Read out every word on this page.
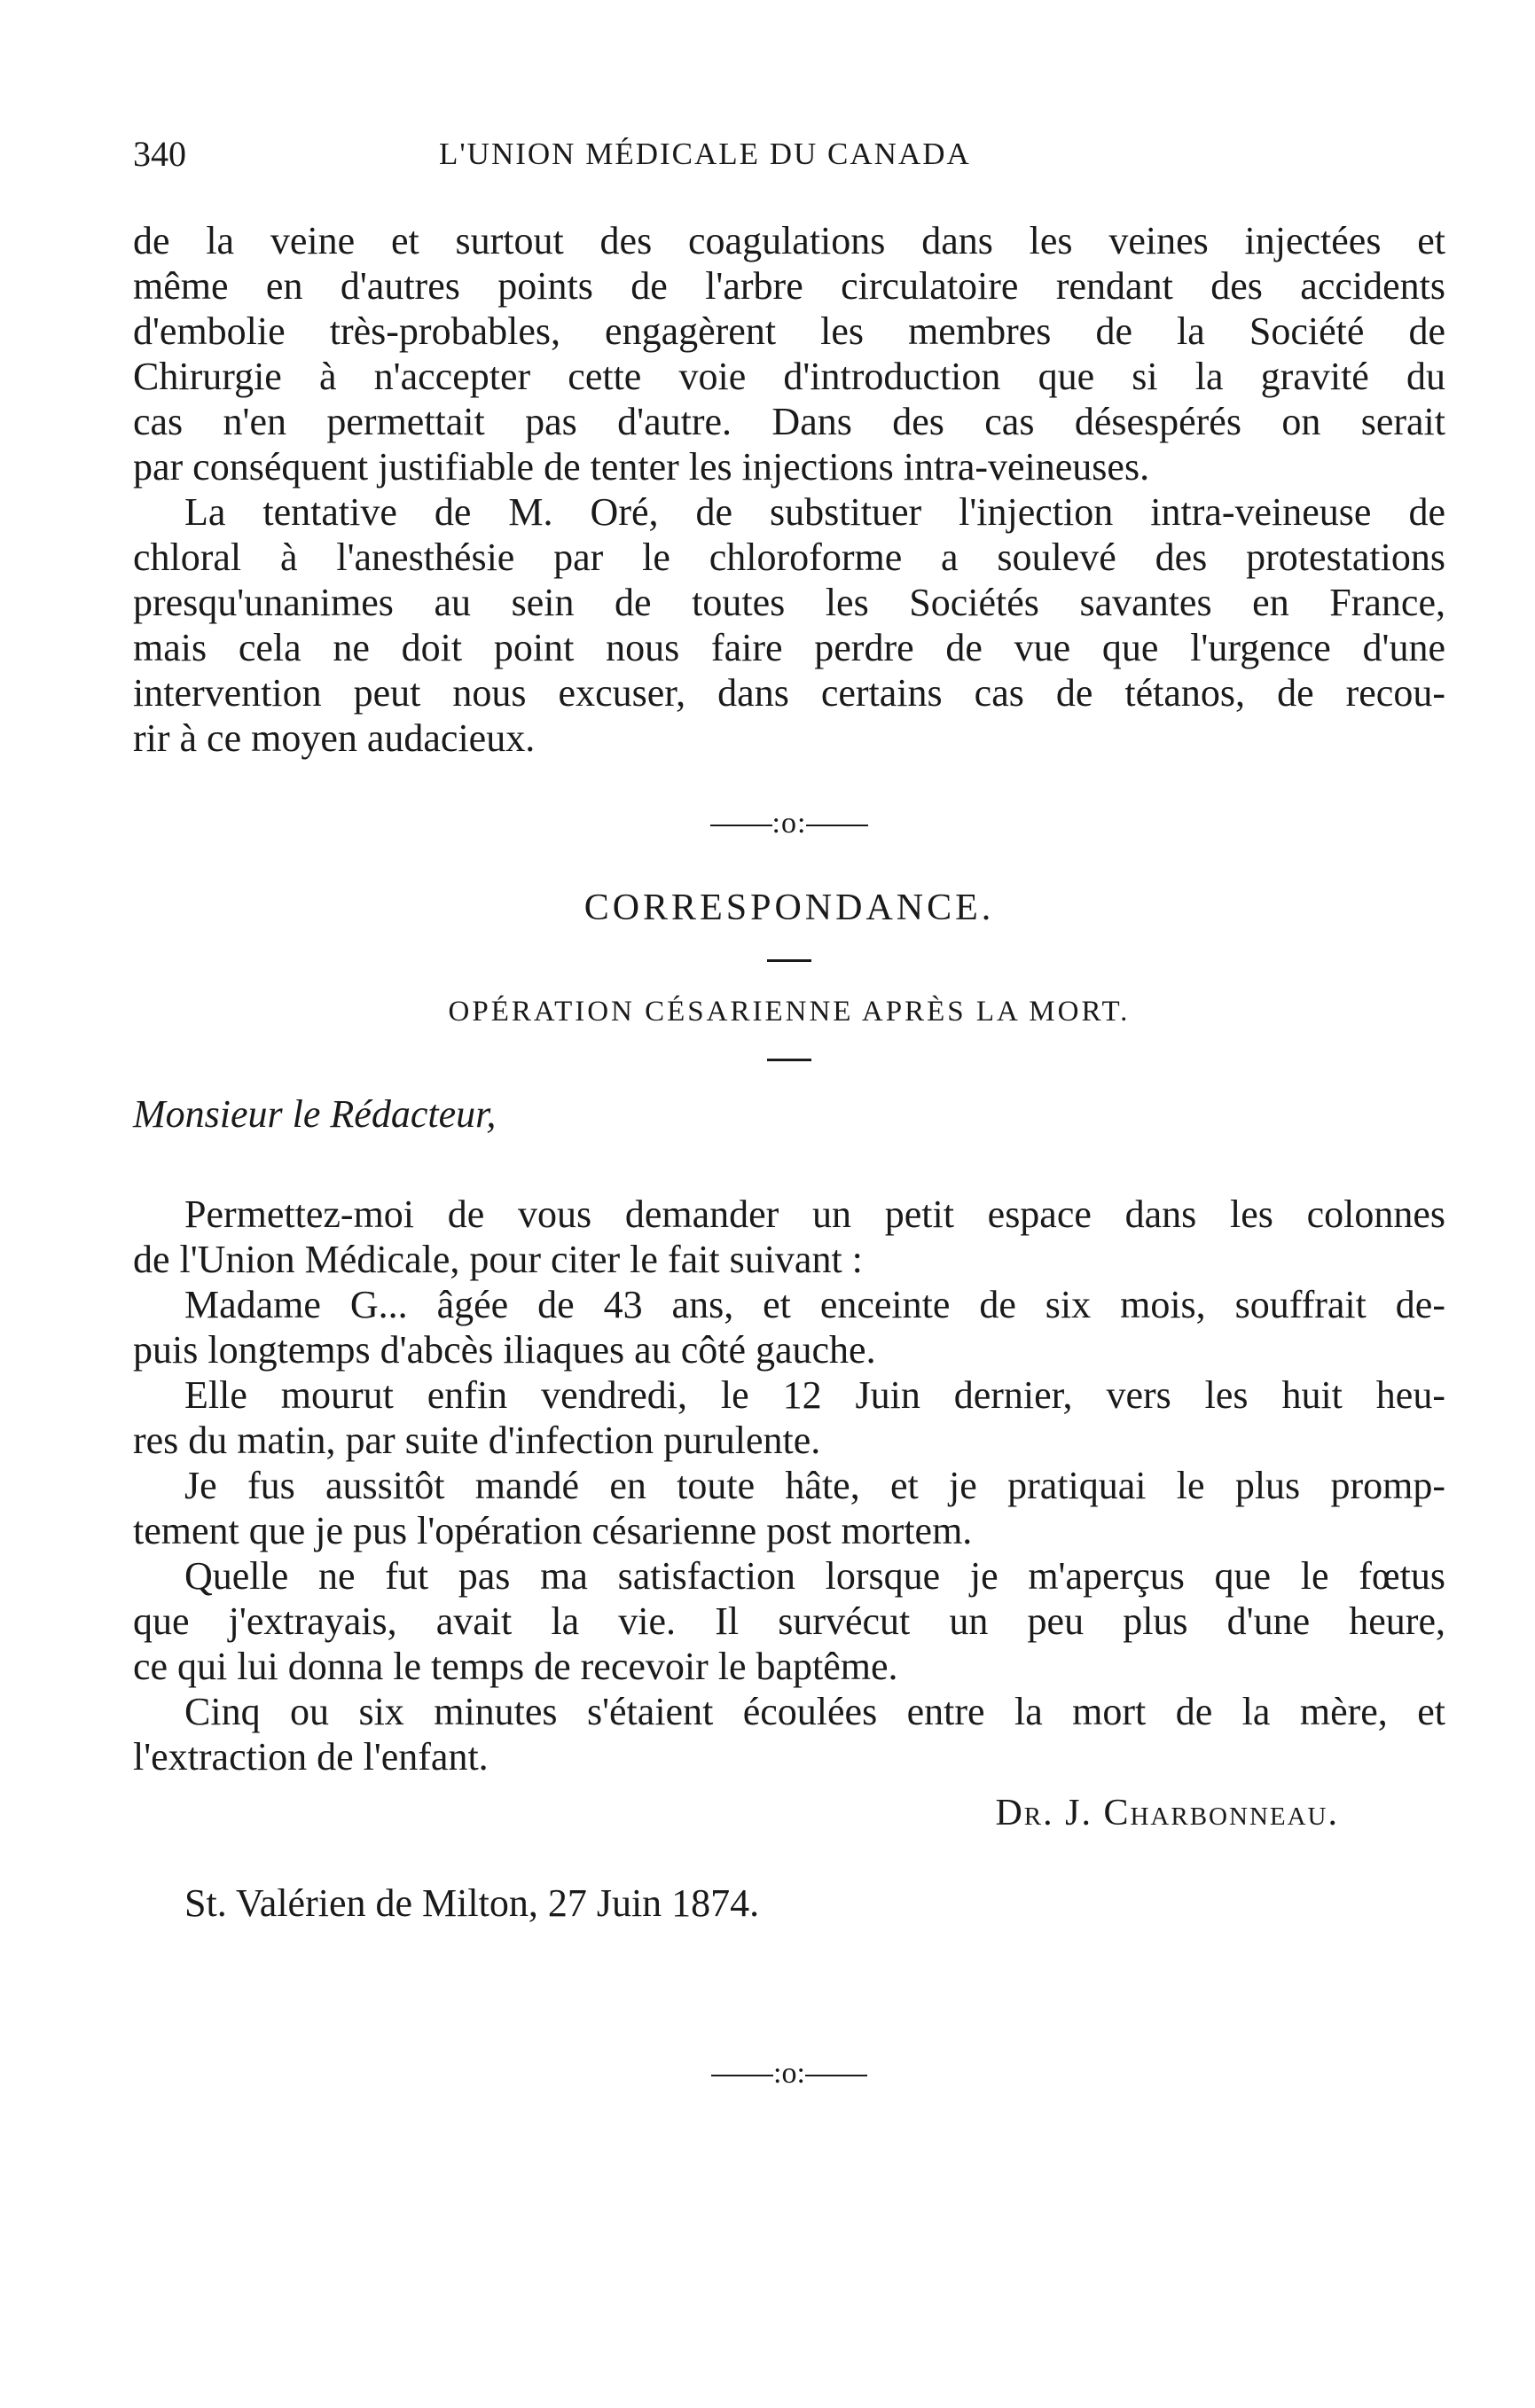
340	L'UNION MÉDICALE DU CANADA

de la veine et surtout des coagulations dans les veines injectées et
même en d'autres points de l'arbre circulatoire rendant des accidents
d'embolie très-probables, engagèrent les membres de la Société de
Chirurgie à n'accepter cette voie d'introduction que si la gravité du
cas n'en permettait pas d'autre. Dans des cas désespérés on serait
par conséquent justifiable de tenter les injections intra-veineuses.

La tentative de M. Oré, de substituer l'injection intra-veineuse de
chloral à l'anesthésie par le chloroforme a soulevé des protestations
presqu'unanimes au sein de toutes les Sociétés savantes en France,
mais cela ne doit point nous faire perdre de vue que l'urgence d'une
intervention peut nous excuser, dans certains cas de tétanos, de recou-
rir à ce moyen audacieux.

:o:
CORRESPONDANCE.
OPÉRATION CÉSARIENNE APRÈS LA MORT.
Monsieur le Rédacteur,

Permettez-moi de vous demander un petit espace dans les colonnes
de l'Union Médicale, pour citer le fait suivant :

Madame G... âgée de 43 ans, et enceinte de six mois, souffrait de-
puis longtemps d'abcès iliaques au côté gauche.

Elle mourut enfin vendredi, le 12 Juin dernier, vers les huit heu-
res du matin, par suite d'infection purulente.

Je fus aussitôt mandé en toute hâte, et je pratiquai le plus promp-
tement que je pus l'opération césarienne post mortem.

Quelle ne fut pas ma satisfaction lorsque je m'aperçus que le fœtus
que j'extrayais, avait la vie. Il survécut un peu plus d'une heure,
ce qui lui donna le temps de recevoir le baptême.

Cinq ou six minutes s'étaient écoulées entre la mort de la mère, et
l'extraction de l'enfant.

Dr. J. Charbonneau.
St. Valérien de Milton, 27 Juin 1874.
:o:
